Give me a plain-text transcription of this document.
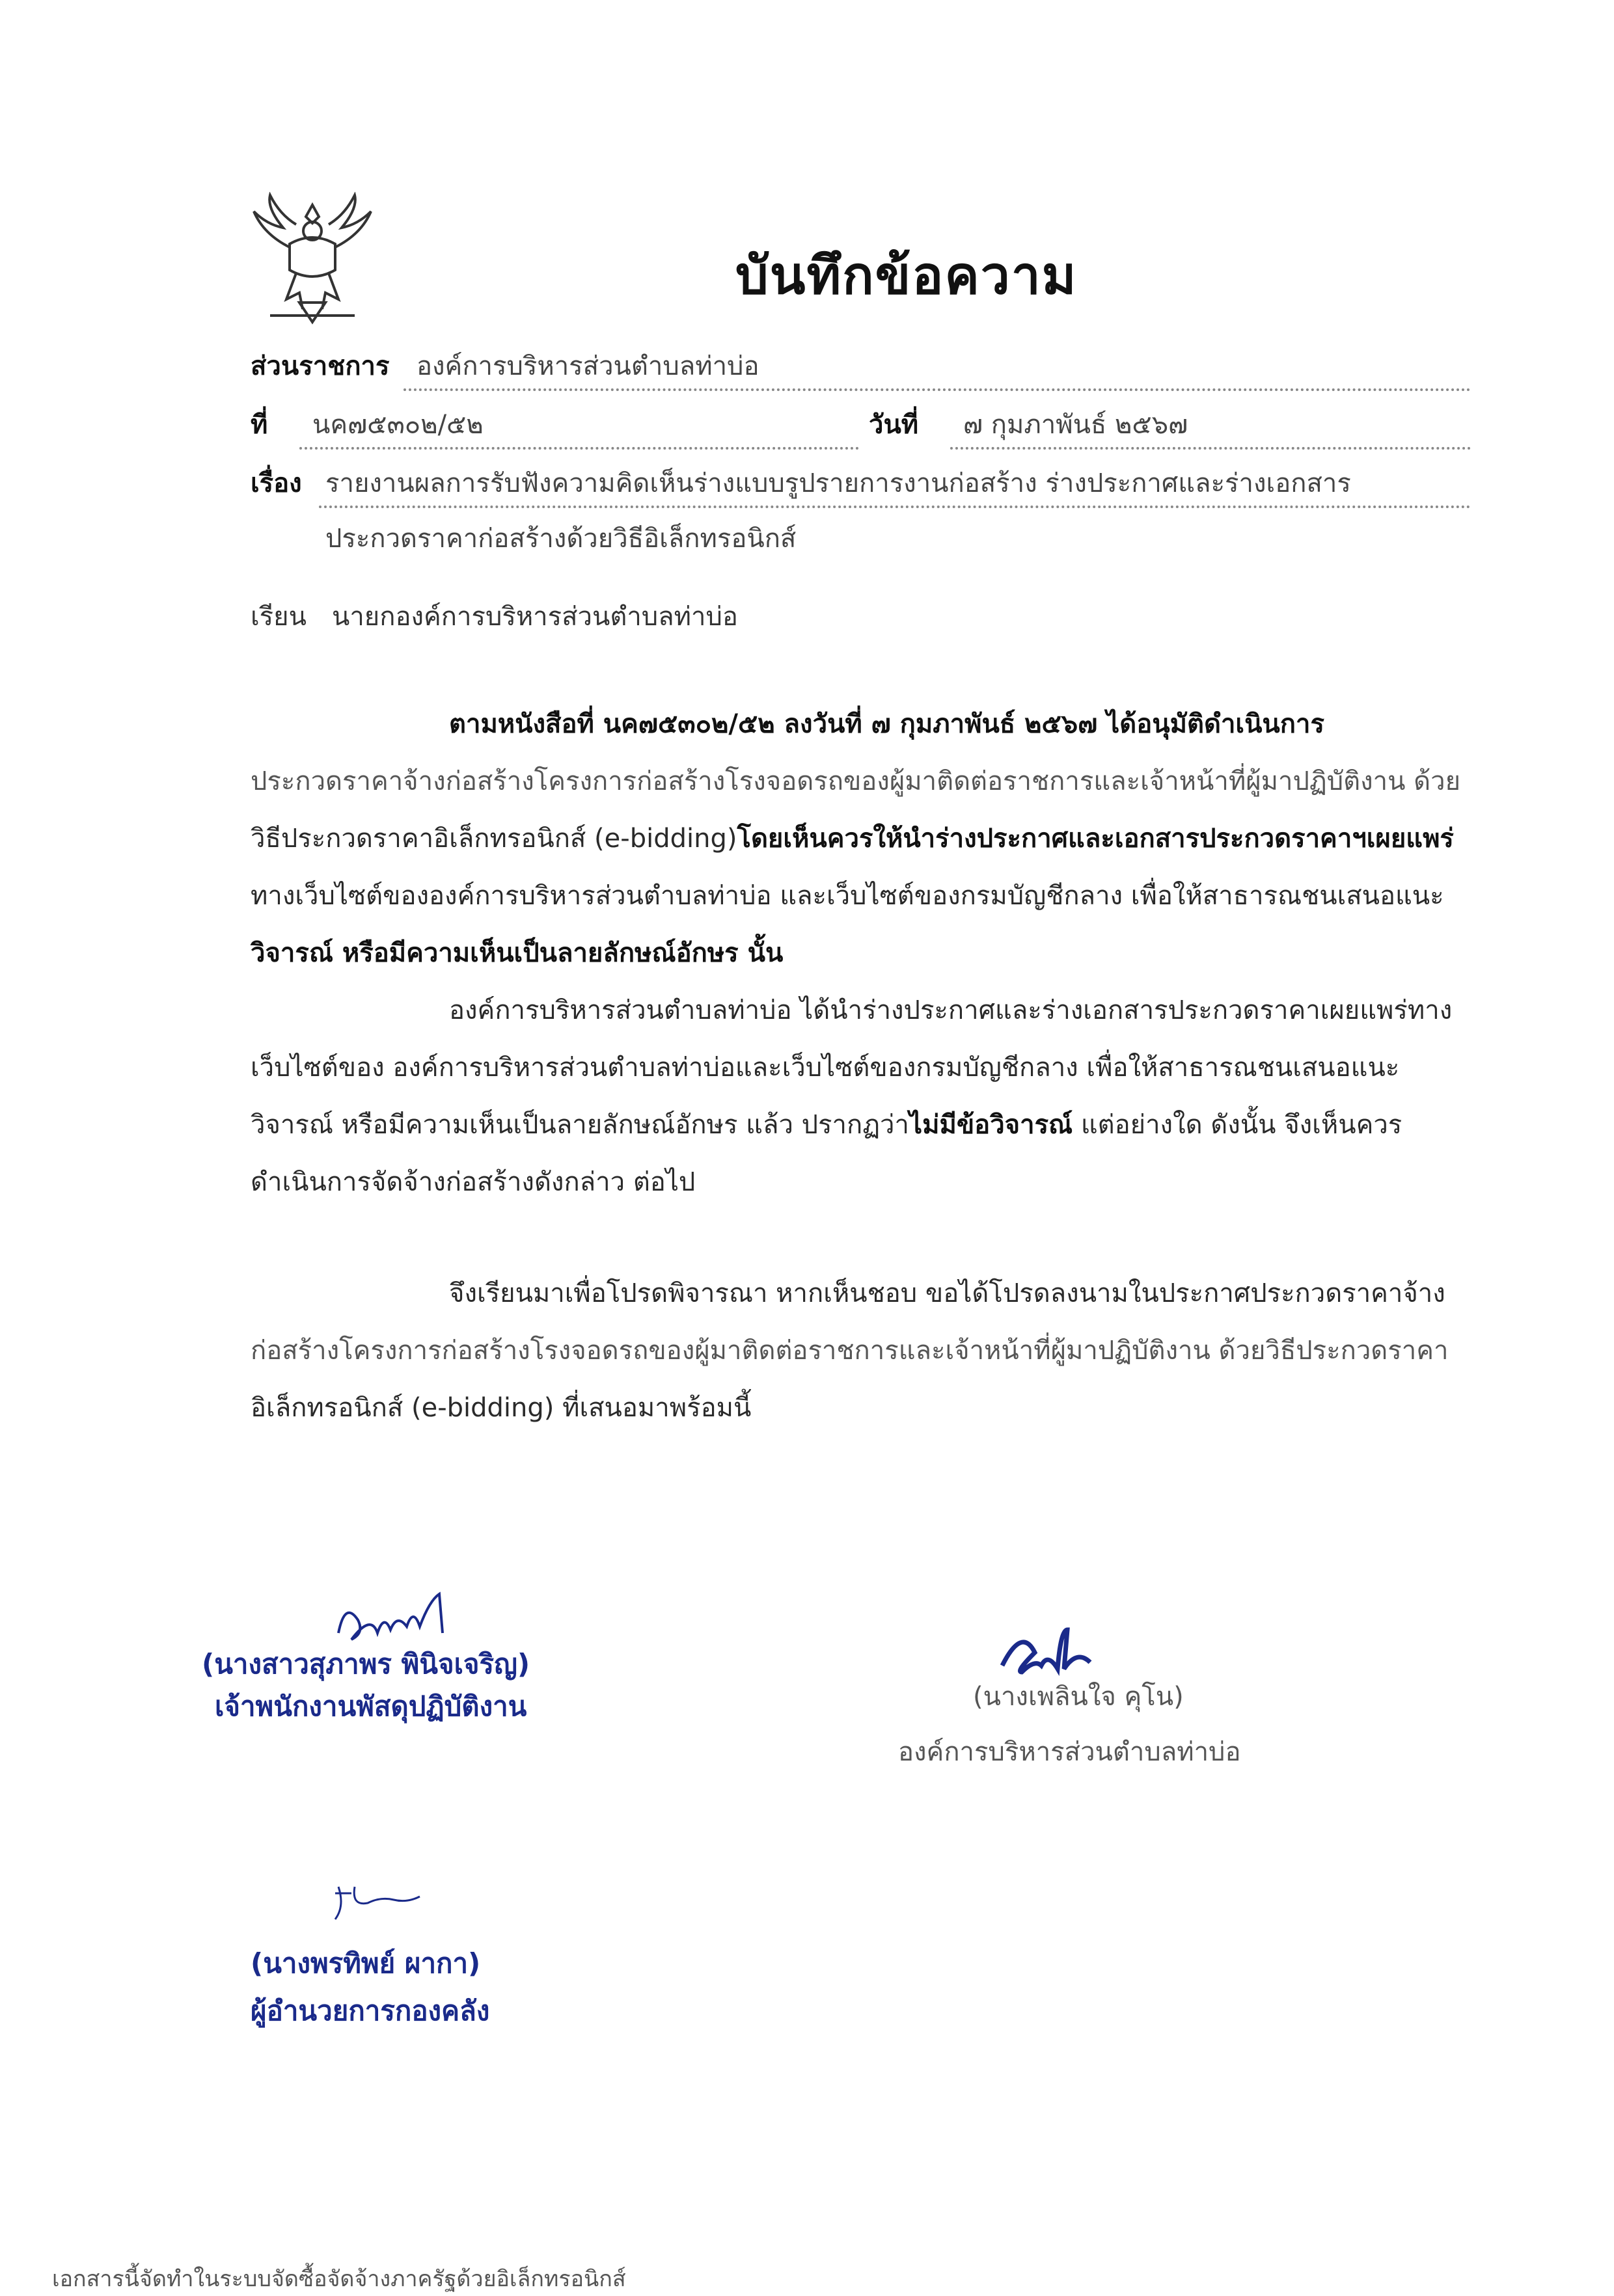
บันทึกข้อความ
ส่วนราชการ องค์การบริหารส่วนตำบลท่าบ่อ
ที่ นค๗๕๓๐๒/๕๒	วันที่ ๗ กุมภาพันธ์ ๒๕๖๗
เรื่อง รายงานผลการรับฟังความคิดเห็นร่างแบบรูปรายการงานก่อสร้าง ร่างประกาศและร่างเอกสาร
ประกวดราคาก่อสร้างด้วยวิธีอิเล็กทรอนิกส์
เรียน นายกองค์การบริหารส่วนตำบลท่าบ่อ
ตามหนังสือที่ นค๗๕๓๐๒/๕๒ ลงวันที่ ๗ กุมภาพันธ์ ๒๕๖๗ ได้อนุมัติดำเนินการ
ประกวดราคาจ้างก่อสร้างโครงการก่อสร้างโรงจอดรถของผู้มาติดต่อราชการและเจ้าหน้าที่ผู้มาปฏิบัติงาน ด้วย
วิธีประกวดราคาอิเล็กทรอนิกส์ (e-bidding)โดยเห็นควรให้นำร่างประกาศและเอกสารประกวดราคาฯเผยแพร่
ทางเว็บไซต์ขององค์การบริหารส่วนตำบลท่าบ่อ และเว็บไซต์ของกรมบัญชีกลาง เพื่อให้สาธารณชนเสนอแนะ
วิจารณ์ หรือมีความเห็นเป็นลายลักษณ์อักษร นั้น
องค์การบริหารส่วนตำบลท่าบ่อ ได้นำร่างประกาศและร่างเอกสารประกวดราคาเผยแพร่ทาง
เว็บไซต์ของ องค์การบริหารส่วนตำบลท่าบ่อและเว็บไซต์ของกรมบัญชีกลาง เพื่อให้สาธารณชนเสนอแนะ
วิจารณ์ หรือมีความเห็นเป็นลายลักษณ์อักษร แล้ว ปรากฏว่าไม่มีข้อวิจารณ์ แต่อย่างใด ดังนั้น จึงเห็นควร
ดำเนินการจัดจ้างก่อสร้างดังกล่าว ต่อไป
จึงเรียนมาเพื่อโปรดพิจารณา หากเห็นชอบ ขอได้โปรดลงนามในประกาศประกวดราคาจ้าง
ก่อสร้างโครงการก่อสร้างโรงจอดรถของผู้มาติดต่อราชการและเจ้าหน้าที่ผู้มาปฏิบัติงาน ด้วยวิธีประกวดราคา
อิเล็กทรอนิกส์ (e-bidding) ที่เสนอมาพร้อมนี้
(นางสาวสุภาพร พินิจเจริญ)
เจ้าพนักงานพัสดุปฏิบัติงาน	(นางเพลินใจ คุโน)
องค์การบริหารส่วนตำบลท่าบ่อ
(นางพรทิพย์ ผากา)
ผู้อำนวยการกองคลัง
เอกสารนี้จัดทำในระบบจัดซื้อจัดจ้างภาครัฐด้วยอิเล็กทรอนิกส์
